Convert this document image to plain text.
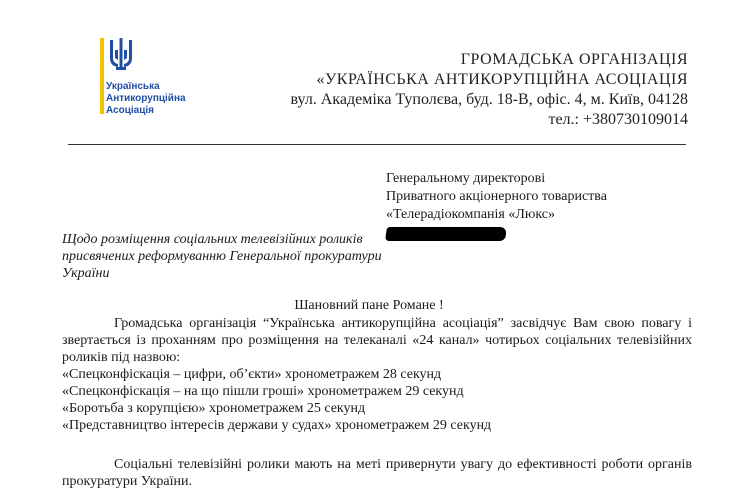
Українська
Антикорупційна
Асоціація
ГРОМАДСЬКА ОРГАНІЗАЦІЯ
«УКРАЇНСЬКА АНТИКОРУПЦІЙНА АСОЦІАЦІЯ
вул. Академіка Туполєва, буд. 18-В, офіс. 4, м. Київ, 04128
тел.: +380730109014
Генеральному директорові
Приватного акціонерного товариства
«Телерадіокомпанія «Люкс»
Щодо розміщення соціальних телевізійних роликів присвячених реформуванню Генеральної прокуратури України
Шановний пане Романе !
Громадська організація “Українська антикорупційна асоціація” засвідчує Вам свою повагу і звертається із проханням про розміщення на телеканалі «24 канал» чотирьох соціальних телевізійних роликів під назвою:
«Спецконфіскація – цифри, об’єкти» хронометражем 28 секунд
«Спецконфіскація – на що пішли гроші» хронометражем 29 секунд
«Боротьба з корупцією» хронометражем 25 секунд
«Представництво інтересів держави у судах» хронометражем 29 секунд
Соціальні телевізійні ролики мають на меті привернути увагу до ефективності роботи органів прокуратури України.
